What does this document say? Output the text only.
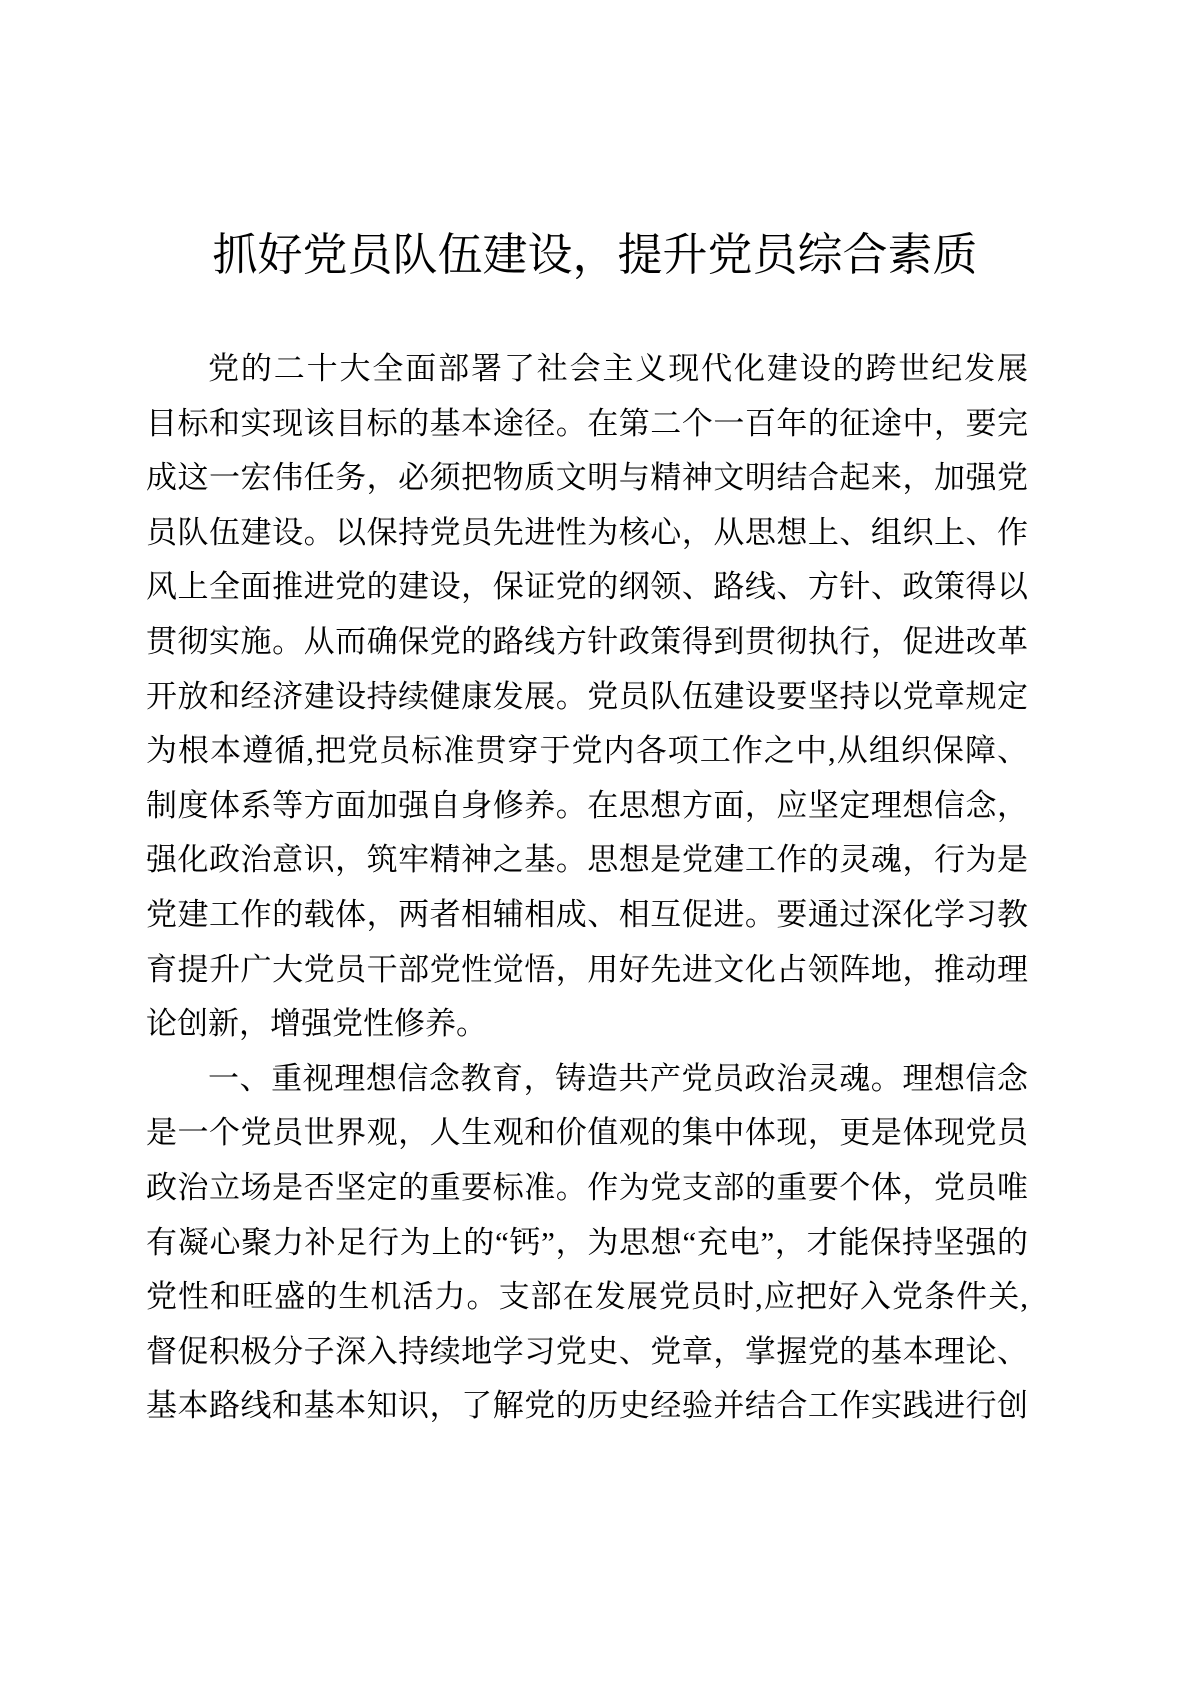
抓好党员队伍建设，提升党员综合素质
党的二十大全面部署了社会主义现代化建设的跨世纪发展
目标和实现该目标的基本途径。在第二个一百年的征途中，要完
成这一宏伟任务，必须把物质文明与精神文明结合起来，加强党
员队伍建设。以保持党员先进性为核心，从思想上、组织上、作
风上全面推进党的建设，保证党的纲领、路线、方针、政策得以
贯彻实施。从而确保党的路线方针政策得到贯彻执行，促进改革
开放和经济建设持续健康发展。党员队伍建设要坚持以党章规定
为根本遵循,把党员标准贯穿于党内各项工作之中,从组织保障、
制度体系等方面加强自身修养。在思想方面，应坚定理想信念，
强化政治意识，筑牢精神之基。思想是党建工作的灵魂，行为是
党建工作的载体，两者相辅相成、相互促进。要通过深化学习教
育提升广大党员干部党性觉悟，用好先进文化占领阵地，推动理
论创新，增强党性修养。
一、重视理想信念教育，铸造共产党员政治灵魂。理想信念
是一个党员世界观，人生观和价值观的集中体现，更是体现党员
政治立场是否坚定的重要标准。作为党支部的重要个体，党员唯
有凝心聚力补足行为上的“钙”，为思想“充电”，才能保持坚强的
党性和旺盛的生机活力。支部在发展党员时,应把好入党条件关,
督促积极分子深入持续地学习党史、党章，掌握党的基本理论、
基本路线和基本知识，了解党的历史经验并结合工作实践进行创
